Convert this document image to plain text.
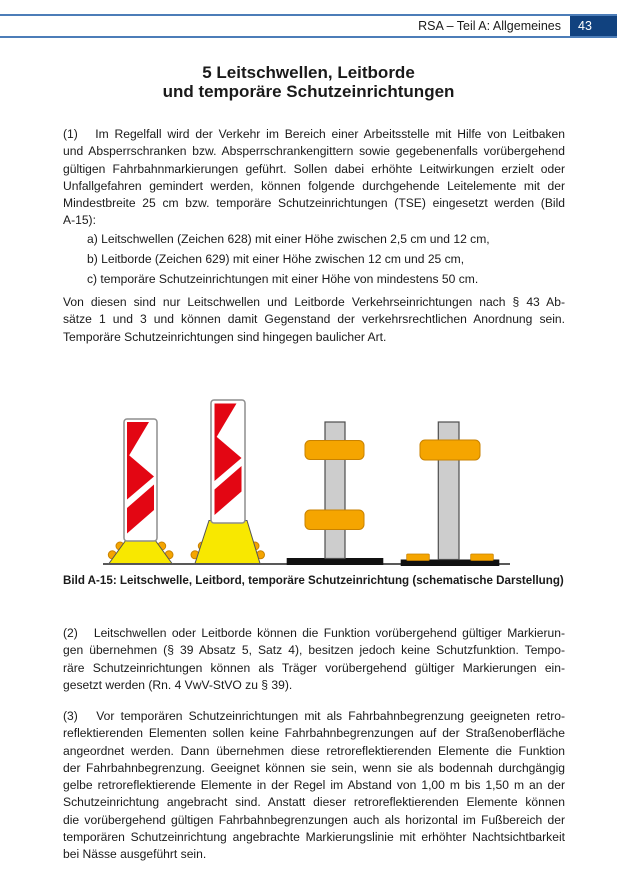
RSA – Teil A: Allgemeines	43
5 Leitschwellen, Leitborde
und temporäre Schutzeinrichtungen
(1)   Im Regelfall wird der Verkehr im Bereich einer Arbeitsstelle mit Hilfe von Leitbaken
und Absperrschranken bzw. Absperrschrankengittern sowie gegebenenfalls vorübergehend
gültigen Fahrbahnmarkierungen geführt. Sollen dabei erhöhte Leitwirkungen erzielt oder
Unfallgefahren gemindert werden, können folgende durchgehende Leitelemente mit der
Mindestbreite 25 cm bzw. temporäre Schutzeinrichtungen (TSE) eingesetzt werden (Bild
A-15):
a) Leitschwellen (Zeichen 628) mit einer Höhe zwischen 2,5 cm und 12 cm,
b) Leitborde (Zeichen 629) mit einer Höhe zwischen 12 cm und 25 cm,
c) temporäre Schutzeinrichtungen mit einer Höhe von mindestens 50 cm.
Von diesen sind nur Leitschwellen und Leitborde Verkehrseinrichtungen nach § 43 Ab-
sätze 1 und 3 und können damit Gegenstand der verkehrsrechtlichen Anordnung sein.
Temporäre Schutzeinrichtungen sind hingegen baulicher Art.
Bild A-15: Leitschwelle, Leitbord, temporäre Schutzeinrichtung (schematische Darstellung)
(2)   Leitschwellen oder Leitborde können die Funktion vorübergehend gültiger Markierun-
gen übernehmen (§ 39 Absatz 5, Satz 4), besitzen jedoch keine Schutzfunktion. Tempo-
räre Schutzeinrichtungen können als Träger vorübergehend gültiger Markierungen ein-
gesetzt werden (Rn. 4 VwV-StVO zu § 39).
(3)   Vor temporären Schutzeinrichtungen mit als Fahrbahnbegrenzung geeigneten retro-
reflektierenden Elementen sollen keine Fahrbahnbegrenzungen auf der Straßenoberfläche
angeordnet werden. Dann übernehmen diese retroreflektierenden Elemente die Funktion
der Fahrbahnbegrenzung. Geeignet können sie sein, wenn sie als bodennah durchgängig
gelbe retroreflektierende Elemente in der Regel im Abstand von 1,00 m bis 1,50 m an der
Schutzeinrichtung angebracht sind. Anstatt dieser retroreflektierenden Elemente können
die vorübergehend gültigen Fahrbahnbegrenzungen auch als horizontal im Fußbereich der
temporären Schutzeinrichtung angebrachte Markierungslinie mit erhöhter Nachtsichtbarkeit
bei Nässe ausgeführt sein.
